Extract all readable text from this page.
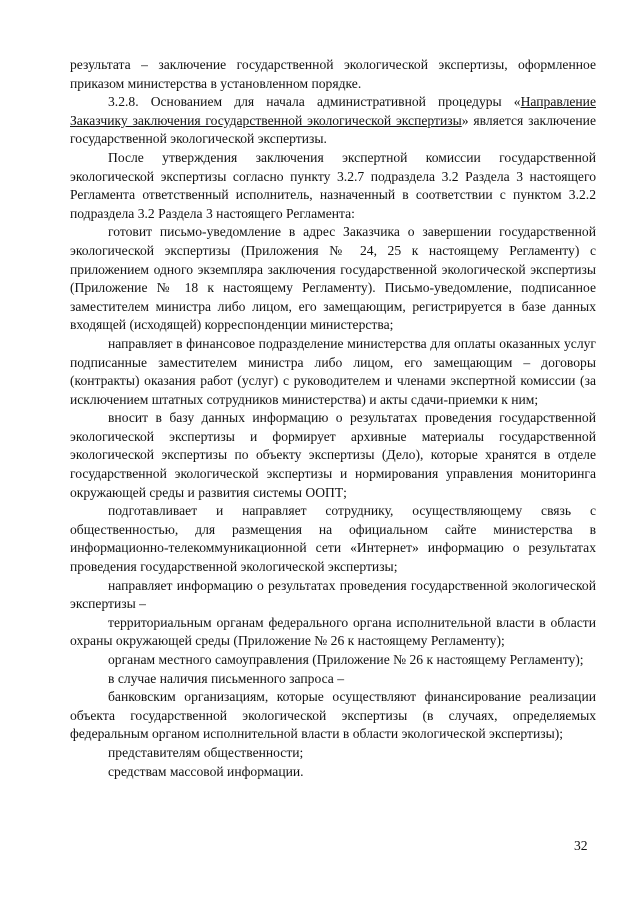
результата – заключение государственной экологической экспертизы, оформленное приказом министерства в установленном порядке.

3.2.8. Основанием для начала административной процедуры «Направление Заказчику заключения государственной экологической экспертизы» является заключение государственной экологической экспертизы.

После утверждения заключения экспертной комиссии государственной экологической экспертизы согласно пункту 3.2.7 подраздела 3.2 Раздела 3 настоящего Регламента ответственный исполнитель, назначенный в соответствии с пунктом 3.2.2 подраздела 3.2 Раздела 3 настоящего Регламента:

готовит письмо-уведомление в адрес Заказчика о завершении государственной экологической экспертизы (Приложения № 24, 25 к настоящему Регламенту) с приложением одного экземпляра заключения государственной экологической экспертизы (Приложение № 18 к настоящему Регламенту). Письмо-уведомление, подписанное заместителем министра либо лицом, его замещающим, регистрируется в базе данных входящей (исходящей) корреспонденции министерства;

направляет в финансовое подразделение министерства для оплаты оказанных услуг подписанные заместителем министра либо лицом, его замещающим – договоры (контракты) оказания работ (услуг) с руководителем и членами экспертной комиссии (за исключением штатных сотрудников министерства) и акты сдачи-приемки к ним;

вносит в базу данных информацию о результатах проведения государственной экологической экспертизы и формирует архивные материалы государственной экологической экспертизы по объекту экспертизы (Дело), которые хранятся в отделе государственной экологической экспертизы и нормирования управления мониторинга окружающей среды и развития системы ООПТ;

подготавливает и направляет сотруднику, осуществляющему связь с общественностью, для размещения на официальном сайте министерства в информационно-телекоммуникационной сети «Интернет» информацию о результатах проведения государственной экологической экспертизы;

направляет информацию о результатах проведения государственной экологической экспертизы –

территориальным органам федерального органа исполнительной власти в области охраны окружающей среды (Приложение № 26 к настоящему Регламенту);

органам местного самоуправления (Приложение № 26 к настоящему Регламенту);

в случае наличия письменного запроса –

банковским организациям, которые осуществляют финансирование реализации объекта государственной экологической экспертизы (в случаях, определяемых федеральным органом исполнительной власти в области экологической экспертизы);

представителям общественности;

средствам массовой информации.

32
